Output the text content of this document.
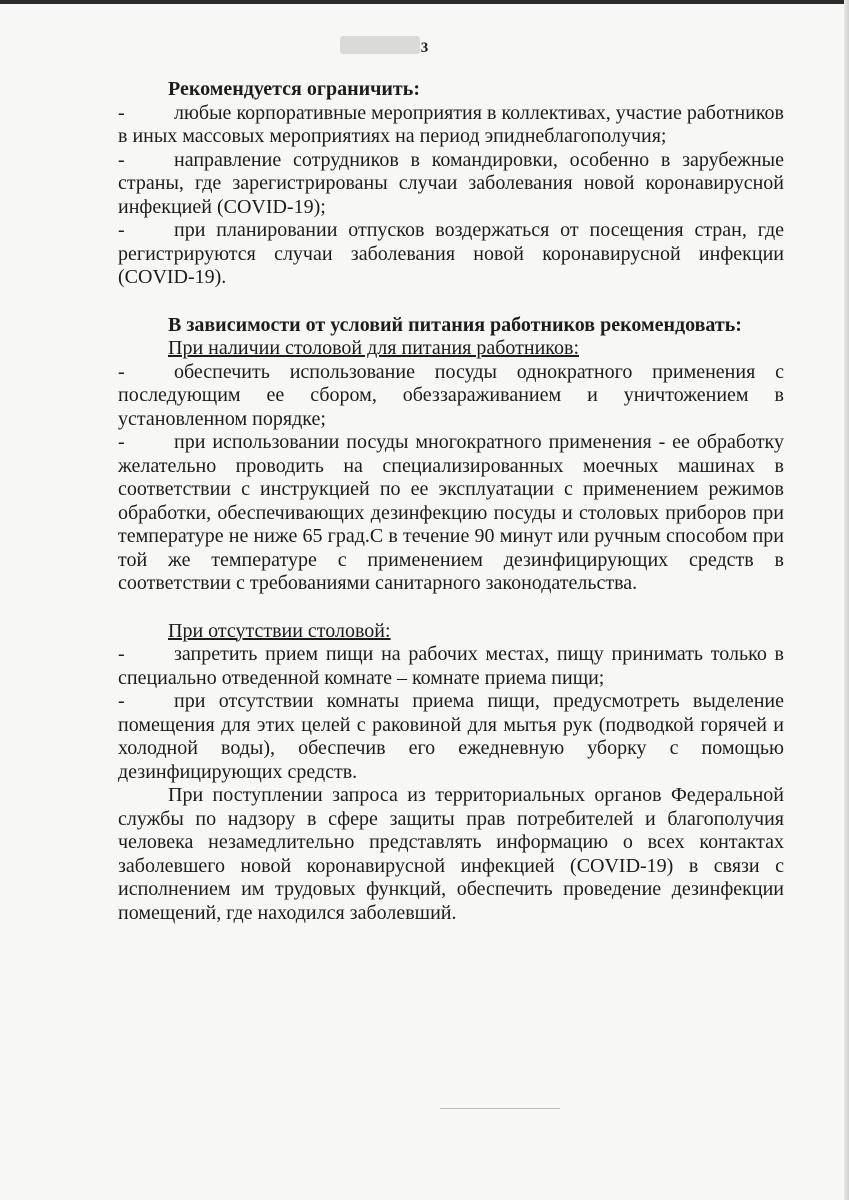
3

Рекомендуется ограничить:

- любые корпоративные мероприятия в коллективах, участие работников в иных массовых мероприятиях на период эпиднеблагополучия;

- направление сотрудников в командировки, особенно в зарубежные страны, где зарегистрированы случаи заболевания новой коронавирусной инфекцией (COVID-19);

- при планировании отпусков воздержаться от посещения стран, где регистрируются случаи заболевания новой коронавирусной инфекции (COVID-19).

В зависимости от условий питания работников рекомендовать:

При наличии столовой для питания работников:

- обеспечить использование посуды однократного применения с последующим ее сбором, обеззараживанием и уничтожением в установленном порядке;

- при использовании посуды многократного применения - ее обработку желательно проводить на специализированных моечных машинах в соответствии с инструкцией по ее эксплуатации с применением режимов обработки, обеспечивающих дезинфекцию посуды и столовых приборов при температуре не ниже 65 град.С в течение 90 минут или ручным способом при той же температуре с применением дезинфицирующих средств в соответствии с требованиями санитарного законодательства.

При отсутствии столовой:

- запретить прием пищи на рабочих местах, пищу принимать только в специально отведенной комнате – комнате приема пищи;

- при отсутствии комнаты приема пищи, предусмотреть выделение помещения для этих целей с раковиной для мытья рук (подводкой горячей и холодной воды), обеспечив его ежедневную уборку с помощью дезинфицирующих средств.

При поступлении запроса из территориальных органов Федеральной службы по надзору в сфере защиты прав потребителей и благополучия человека незамедлительно представлять информацию о всех контактах заболевшего новой коронавирусной инфекцией (COVID-19) в связи с исполнением им трудовых функций, обеспечить проведение дезинфекции помещений, где находился заболевший.
